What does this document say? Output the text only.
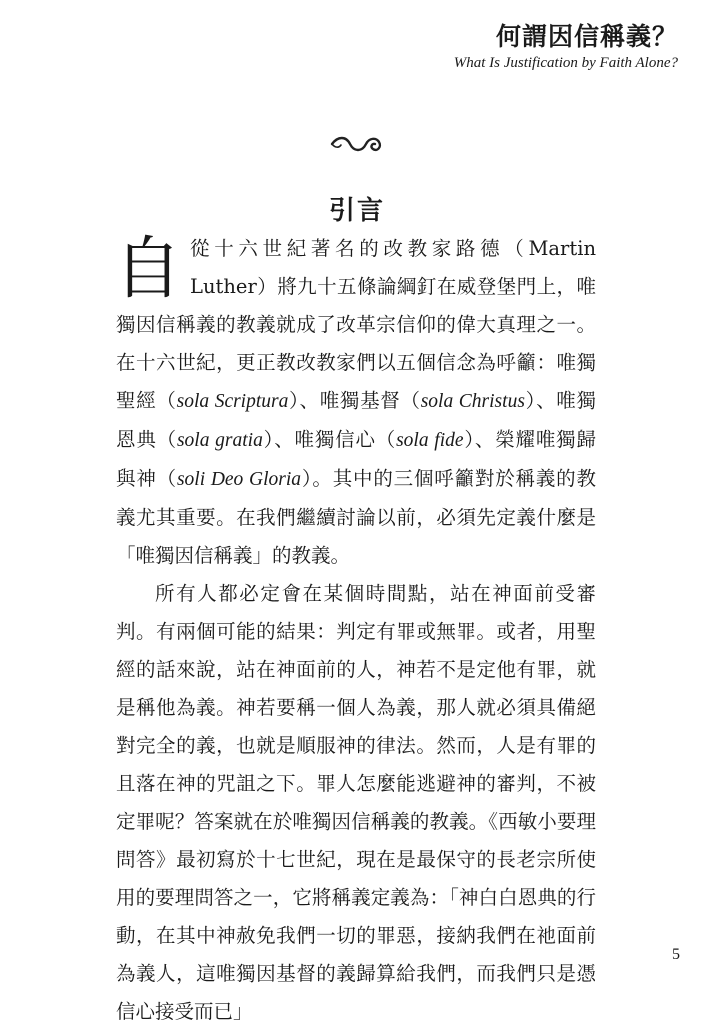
何謂因信稱義？
What Is Justification by Faith Alone?
引言

自從十六世紀著名的改教家路德（Martin Luther）將九十五條論綱釘在威登堡門上，唯獨因信稱義的教義就成了改革宗信仰的偉大真理之一。在十六世紀，更正教改教家們以五個信念為呼籲：唯獨聖經（sola Scriptura）、唯獨基督（sola Christus）、唯獨恩典（sola gratia）、唯獨信心（sola fide）、榮耀唯獨歸與神（soli Deo Gloria）。其中的三個呼籲對於稱義的教義尤其重要。在我們繼續討論以前，必須先定義什麼是「唯獨因信稱義」的教義。

所有人都必定會在某個時間點，站在神面前受審判。有兩個可能的結果：判定有罪或無罪。或者，用聖經的話來說，站在神面前的人，神若不是定他有罪，就是稱他為義。神若要稱一個人為義，那人就必須具備絕對完全的義，也就是順服神的律法。然而，人是有罪的且落在神的咒詛之下。罪人怎麼能逃避神的審判，不被定罪呢？答案就在於唯獨因信稱義的教義。《西敏小要理問答》最初寫於十七世紀，現在是最保守的長老宗所使用的要理問答之一，它將稱義定義為：「神白白恩典的行動，在其中神赦免我們一切的罪惡，接納我們在祂面前為義人，這唯獨因基督的義歸算給我們，而我們只是憑信心接受而已」

5
